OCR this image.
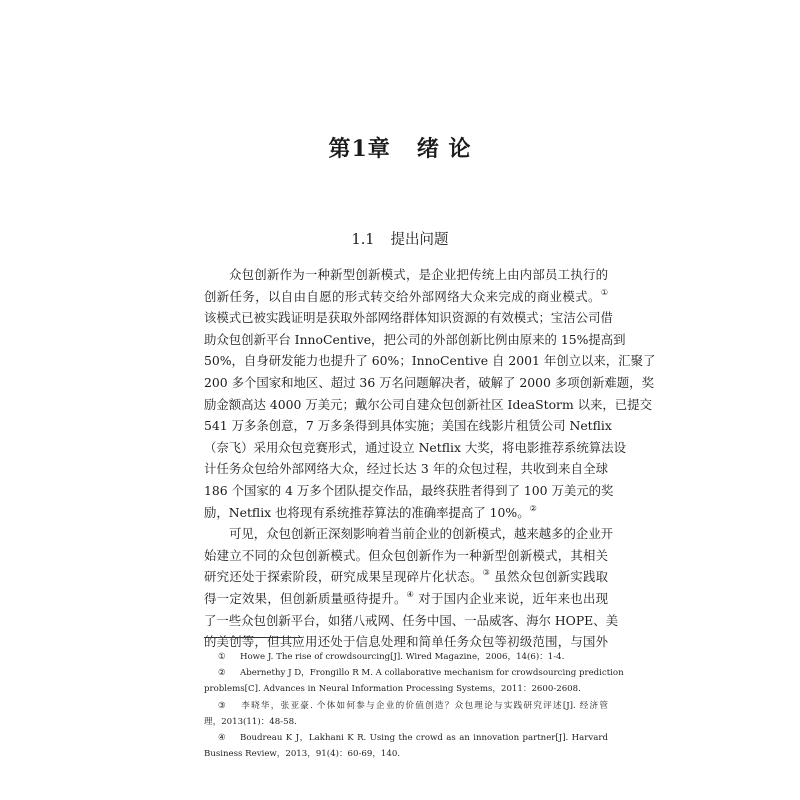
第1章 绪 论
1.1 提出问题
众包创新作为一种新型创新模式，是企业把传统上由内部员工执行的
创新任务，以自由自愿的形式转交给外部网络大众来完成的商业模式。①
该模式已被实践证明是获取外部网络群体知识资源的有效模式；宝洁公司借
助众包创新平台 InnoCentive，把公司的外部创新比例由原来的 15%提高到
50%，自身研发能力也提升了 60%；InnoCentive 自 2001 年创立以来，汇聚了
200 多个国家和地区、超过 36 万名问题解决者，破解了 2000 多项创新难题，奖
励金额高达 4000 万美元；戴尔公司自建众包创新社区 IdeaStorm 以来，已提交
541 万多条创意，7 万多条得到具体实施；美国在线影片租赁公司 Netflix
（奈飞）采用众包竞赛形式，通过设立 Netflix 大奖，将电影推荐系统算法设
计任务众包给外部网络大众，经过长达 3 年的众包过程，共收到来自全球
186 个国家的 4 万多个团队提交作品，最终获胜者得到了 100 万美元的奖
励，Netflix 也将现有系统推荐算法的准确率提高了 10%。②
可见，众包创新正深刻影响着当前企业的创新模式，越来越多的企业开
始建立不同的众包创新模式。但众包创新作为一种新型创新模式，其相关
研究还处于探索阶段，研究成果呈现碎片化状态。③ 虽然众包创新实践取
得一定效果，但创新质量亟待提升。④ 对于国内企业来说，近年来也出现
了一些众包创新平台，如猪八戒网、任务中国、一品威客、海尔 HOPE、美
的美创等，但其应用还处于信息处理和简单任务众包等初级范围，与国外
① Howe J. The rise of crowdsourcing[J]. Wired Magazine，2006，14(6)：1-4.
② Abernethy J D，Frongillo R M. A collaborative mechanism for crowdsourcing prediction
problems[C]. Advances in Neural Information Processing Systems，2011：2600-2608.
③ 李晓华，张亚豪. 个体如何参与企业的价值创造？众包理论与实践研究评述[J]. 经济管
理，2013(11)：48-58.
④ Boudreau K J，Lakhani K R. Using the crowd as an innovation partner[J]. Harvard
Business Review，2013，91(4)：60-69，140.
